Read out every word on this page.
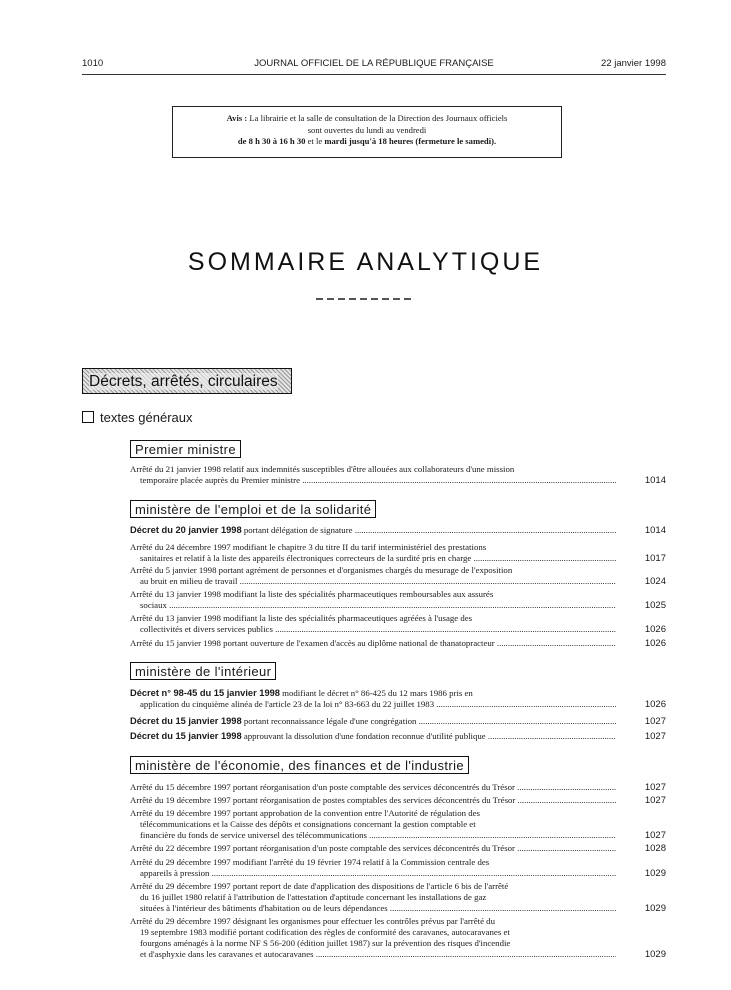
1010	JOURNAL OFFICIEL DE LA RÉPUBLIQUE FRANÇAISE	22 janvier 1998
Avis : La librairie et la salle de consultation de la Direction des Journaux officiels
sont ouvertes du lundi au vendredi
de 8 h 30 à 16 h 30 et le mardi jusqu'à 18 heures (fermeture le samedi).
SOMMAIRE ANALYTIQUE
Décrets, arrêtés, circulaires
textes généraux
Premier ministre
Arrêté du 21 janvier 1998 relatif aux indemnités susceptibles d'être allouées aux collaborateurs d'une mission
temporaire placée auprès du Premier ministre .....	1014
ministère de l'emploi et de la solidarité
Décret du 20 janvier 1998 portant délégation de signature .....	1014
Arrêté du 24 décembre 1997 modifiant le chapitre 3 du titre II du tarif interministériel des prestations
sanitaires et relatif à la liste des appareils électroniques correcteurs de la surdité pris en charge .....	1017
Arrêté du 5 janvier 1998 portant agrément de personnes et d'organismes chargés du mesurage de l'exposition
au bruit en milieu de travail .....	1024
Arrêté du 13 janvier 1998 modifiant la liste des spécialités pharmaceutiques remboursables aux assurés
sociaux .....	1025
Arrêté du 13 janvier 1998 modifiant la liste des spécialités pharmaceutiques agréées à l'usage des
collectivités et divers services publics .....	1026
Arrêté du 15 janvier 1998 portant ouverture de l'examen d'accès au diplôme national de thanatopracteur .....	1026
ministère de l'intérieur
Décret n° 98-45 du 15 janvier 1998 modifiant le décret n° 86-425 du 12 mars 1986 pris en
application du cinquième alinéa de l'article 23 de la loi n° 83-663 du 22 juillet 1983 .....	1026
Décret du 15 janvier 1998 portant reconnaissance légale d'une congrégation .....	1027
Décret du 15 janvier 1998 approuvant la dissolution d'une fondation reconnue d'utilité publique .....	1027
ministère de l'économie, des finances et de l'industrie
Arrêté du 15 décembre 1997 portant réorganisation d'un poste comptable des services déconcentrés du Trésor .....	1027
Arrêté du 19 décembre 1997 portant réorganisation de postes comptables des services déconcentrés du Trésor .....	1027
Arrêté du 19 décembre 1997 portant approbation de la convention entre l'Autorité de régulation des
télécommunications et la Caisse des dépôts et consignations concernant la gestion comptable et
financière du fonds de service universel des télécommunications .....	1027
Arrêté du 22 décembre 1997 portant réorganisation d'un poste comptable des services déconcentrés du Trésor .....	1028
Arrêté du 29 décembre 1997 modifiant l'arrêté du 19 février 1974 relatif à la Commission centrale des
appareils à pression .....	1029
Arrêté du 29 décembre 1997 portant report de date d'application des dispositions de l'article 6 bis de l'arrêté
du 16 juillet 1980 relatif à l'attribution de l'attestation d'aptitude concernant les installations de gaz
situées à l'intérieur des bâtiments d'habitation ou de leurs dépendances .....	1029
Arrêté du 29 décembre 1997 désignant les organismes pour effectuer les contrôles prévus par l'arrêté du
19 septembre 1983 modifié portant codification des règles de conformité des caravanes, autocaravanes et
fourgons aménagés à la norme NF S 56-200 (édition juillet 1987) sur la prévention des risques d'incendie
et d'asphyxie dans les caravanes et autocaravanes .....	1029
